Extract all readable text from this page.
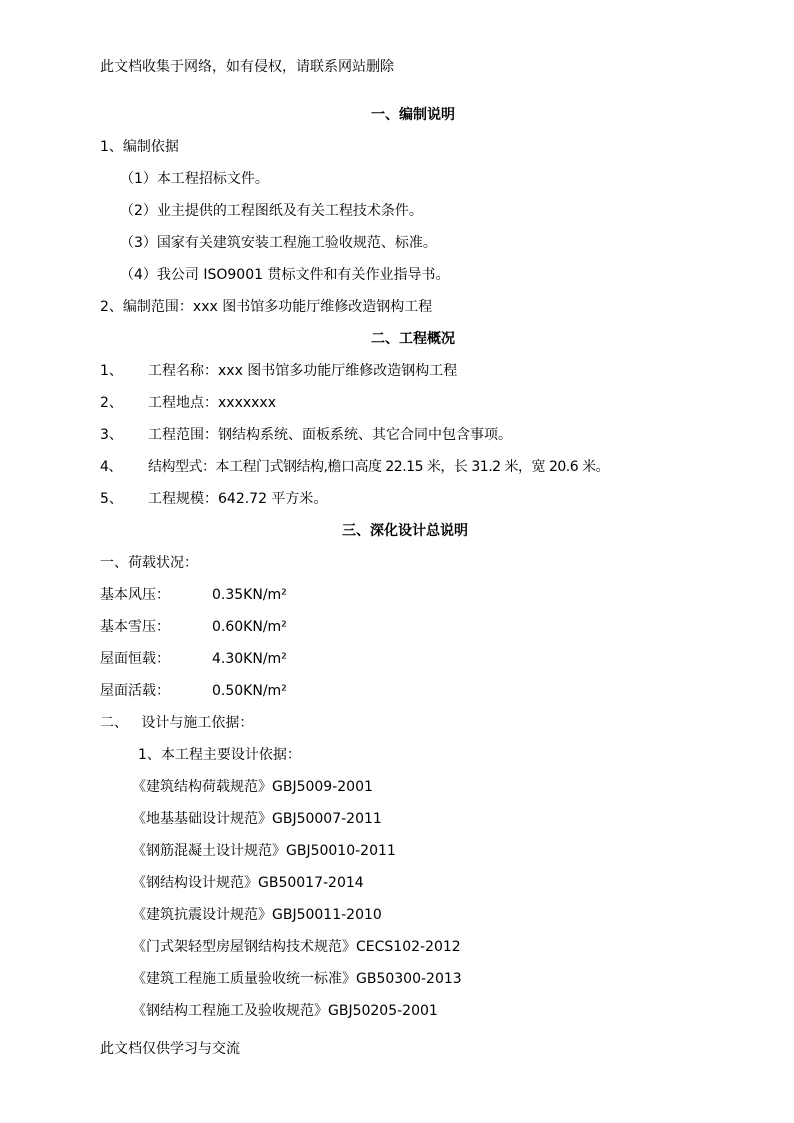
此文档收集于网络，如有侵权，请联系网站删除
一、编制说明
1、编制依据
（1）本工程招标文件。
（2）业主提供的工程图纸及有关工程技术条件。
（3）国家有关建筑安装工程施工验收规范、标准。
（4）我公司 ISO9001 贯标文件和有关作业指导书。
2、编制范围：xxx 图书馆多功能厅维修改造钢构工程
二、工程概况
1、 工程名称：xxx 图书馆多功能厅维修改造钢构工程
2、 工程地点：xxxxxxx
3、 工程范围：钢结构系统、面板系统、其它合同中包含事项。
4、 结构型式：本工程门式钢结构,檐口高度 22.15 米，长 31.2 米，宽 20.6 米。
5、 工程规模：642.72 平方米。
三、深化设计总说明
一、荷载状况：
基本风压：	0.35KN/m²
基本雪压：	0.60KN/m²
屋面恒载：	4.30KN/m²
屋面活载：	0.50KN/m²
二、   设计与施工依据：
1、本工程主要设计依据：
《建筑结构荷载规范》GBJ5009-2001
《地基基础设计规范》GBJ50007-2011
《钢筋混凝土设计规范》GBJ50010-2011
《钢结构设计规范》GB50017-2014
《建筑抗震设计规范》GBJ50011-2010
《门式架轻型房屋钢结构技术规范》CECS102-2012
《建筑工程施工质量验收统一标准》GB50300-2013
《钢结构工程施工及验收规范》GBJ50205-2001
此文档仅供学习与交流
